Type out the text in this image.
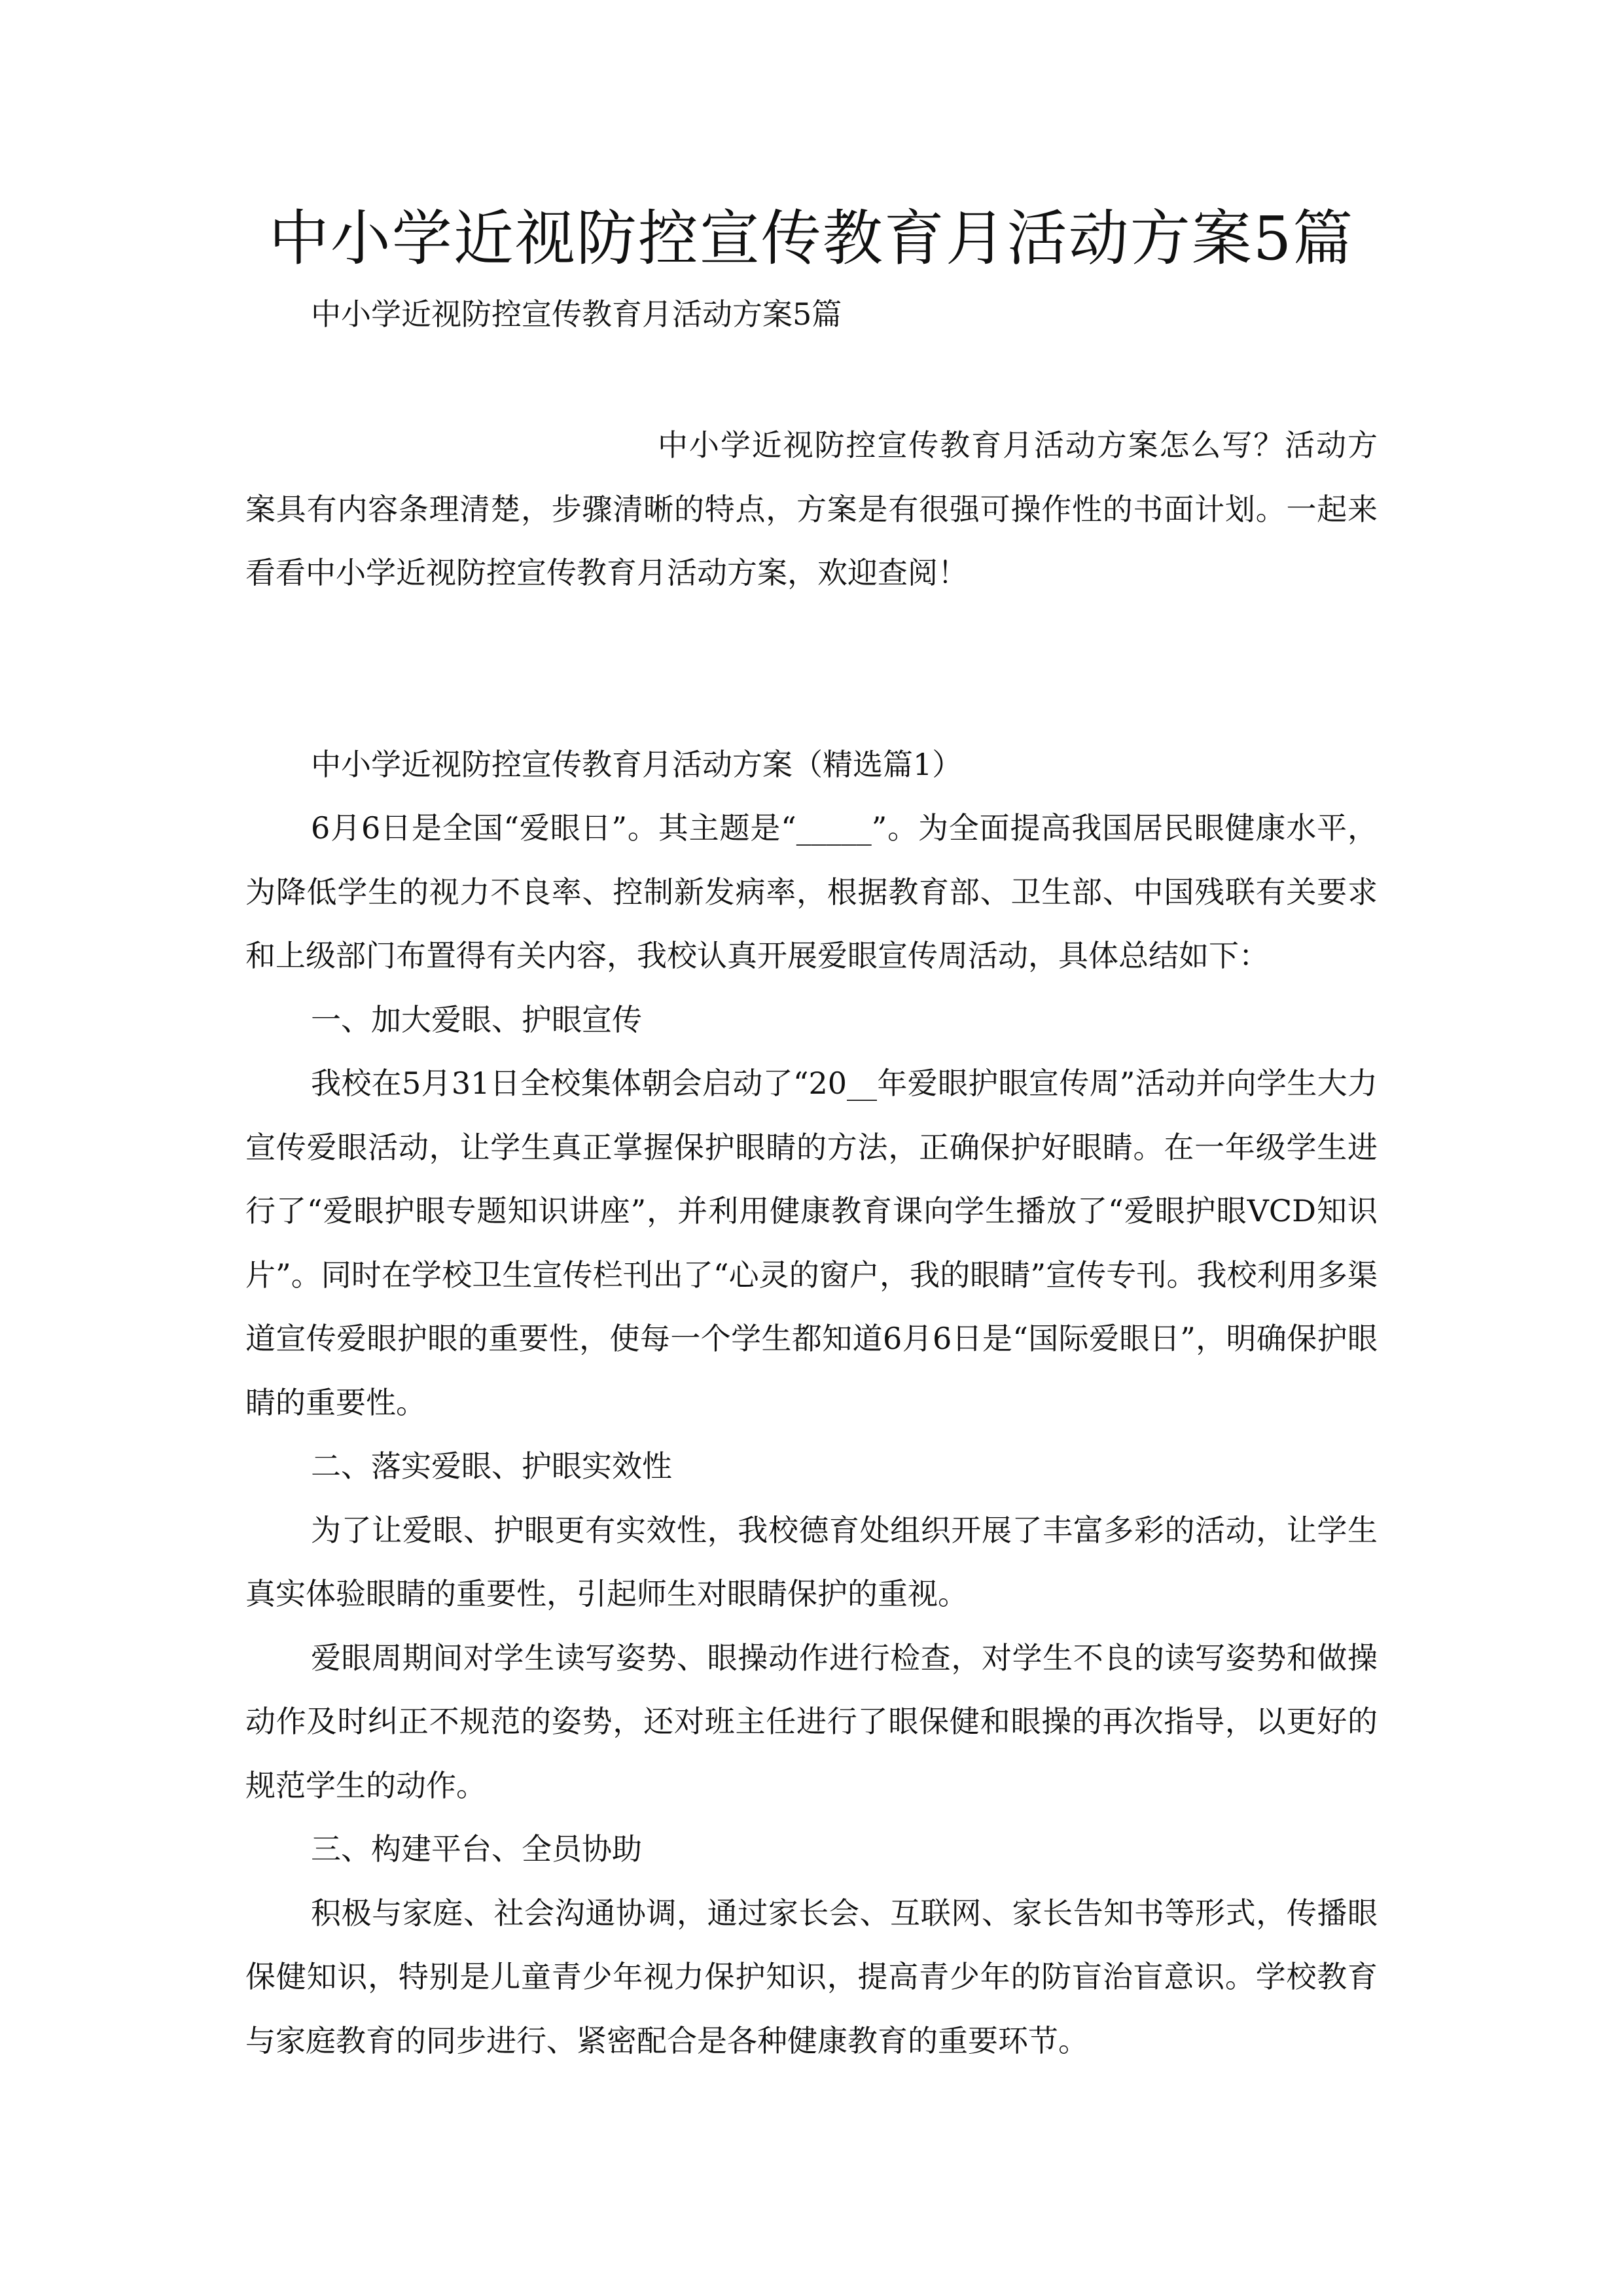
中小学近视防控宣传教育月活动方案5篇

中小学近视防控宣传教育月活动方案5篇

中小学近视防控宣传教育月活动方案怎么写？活动方案具有内容条理清楚，步骤清晰的特点，方案是有很强可操作性的书面计划。一起来看看中小学近视防控宣传教育月活动方案，欢迎查阅！

中小学近视防控宣传教育月活动方案（精选篇1）

6月6日是全国“爱眼日”。其主题是“_____”。为全面提高我国居民眼健康水平，为降低学生的视力不良率、控制新发病率，根据教育部、卫生部、中国残联有关要求和上级部门布置得有关内容，我校认真开展爱眼宣传周活动，具体总结如下：

一、加大爱眼、护眼宣传

我校在5月31日全校集体朝会启动了“20__年爱眼护眼宣传周”活动并向学生大力宣传爱眼活动，让学生真正掌握保护眼睛的方法，正确保护好眼睛。在一年级学生进行了“爱眼护眼专题知识讲座”，并利用健康教育课向学生播放了“爱眼护眼VCD知识片”。同时在学校卫生宣传栏刊出了“心灵的窗户，我的眼睛”宣传专刊。我校利用多渠道宣传爱眼护眼的重要性，使每一个学生都知道6月6日是“国际爱眼日”，明确保护眼睛的重要性。

二、落实爱眼、护眼实效性

为了让爱眼、护眼更有实效性，我校德育处组织开展了丰富多彩的活动，让学生真实体验眼睛的重要性，引起师生对眼睛保护的重视。

爱眼周期间对学生读写姿势、眼操动作进行检查，对学生不良的读写姿势和做操动作及时纠正不规范的姿势，还对班主任进行了眼保健和眼操的再次指导，以更好的规范学生的动作。

三、构建平台、全员协助

积极与家庭、社会沟通协调，通过家长会、互联网、家长告知书等形式，传播眼保健知识，特别是儿童青少年视力保护知识，提高青少年的防盲治盲意识。学校教育与家庭教育的同步进行、紧密配合是各种健康教育的重要环节。
